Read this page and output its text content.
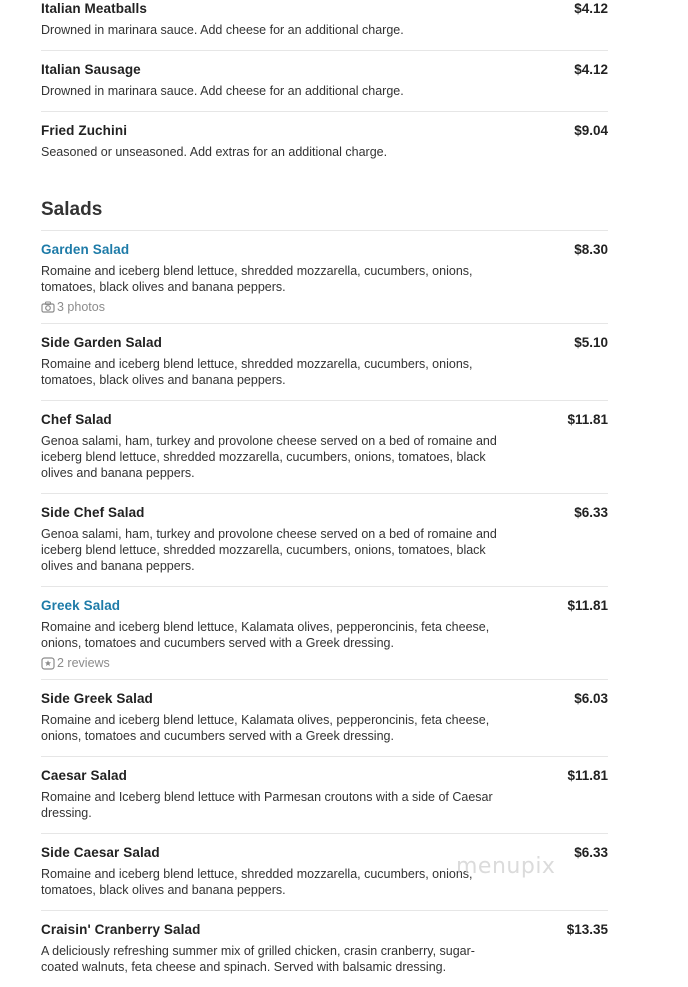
Italian Meatballs	$4.12
Drowned in marinara sauce. Add cheese for an additional charge.
Italian Sausage	$4.12
Drowned in marinara sauce. Add cheese for an additional charge.
Fried Zuchini	$9.04
Seasoned or unseasoned. Add extras for an additional charge.
Salads
Garden Salad	$8.30
Romaine and iceberg blend lettuce, shredded mozzarella, cucumbers, onions, tomatoes, black olives and banana peppers.
3 photos
Side Garden Salad	$5.10
Romaine and iceberg blend lettuce, shredded mozzarella, cucumbers, onions, tomatoes, black olives and banana peppers.
Chef Salad	$11.81
Genoa salami, ham, turkey and provolone cheese served on a bed of romaine and iceberg blend lettuce, shredded mozzarella, cucumbers, onions, tomatoes, black olives and banana peppers.
Side Chef Salad	$6.33
Genoa salami, ham, turkey and provolone cheese served on a bed of romaine and iceberg blend lettuce, shredded mozzarella, cucumbers, onions, tomatoes, black olives and banana peppers.
Greek Salad	$11.81
Romaine and iceberg blend lettuce, Kalamata olives, pepperoncinis, feta cheese, onions, tomatoes and cucumbers served with a Greek dressing.
2 reviews
Side Greek Salad	$6.03
Romaine and iceberg blend lettuce, Kalamata olives, pepperoncinis, feta cheese, onions, tomatoes and cucumbers served with a Greek dressing.
Caesar Salad	$11.81
Romaine and Iceberg blend lettuce with Parmesan croutons with a side of Caesar dressing.
Side Caesar Salad	$6.33
Romaine and iceberg blend lettuce, shredded mozzarella, cucumbers, onions, tomatoes, black olives and banana peppers.
Craisin' Cranberry Salad	$13.35
A deliciously refreshing summer mix of grilled chicken, crasin cranberry, sugar-coated walnuts, feta cheese and spinach. Served with balsamic dressing.
menupix
